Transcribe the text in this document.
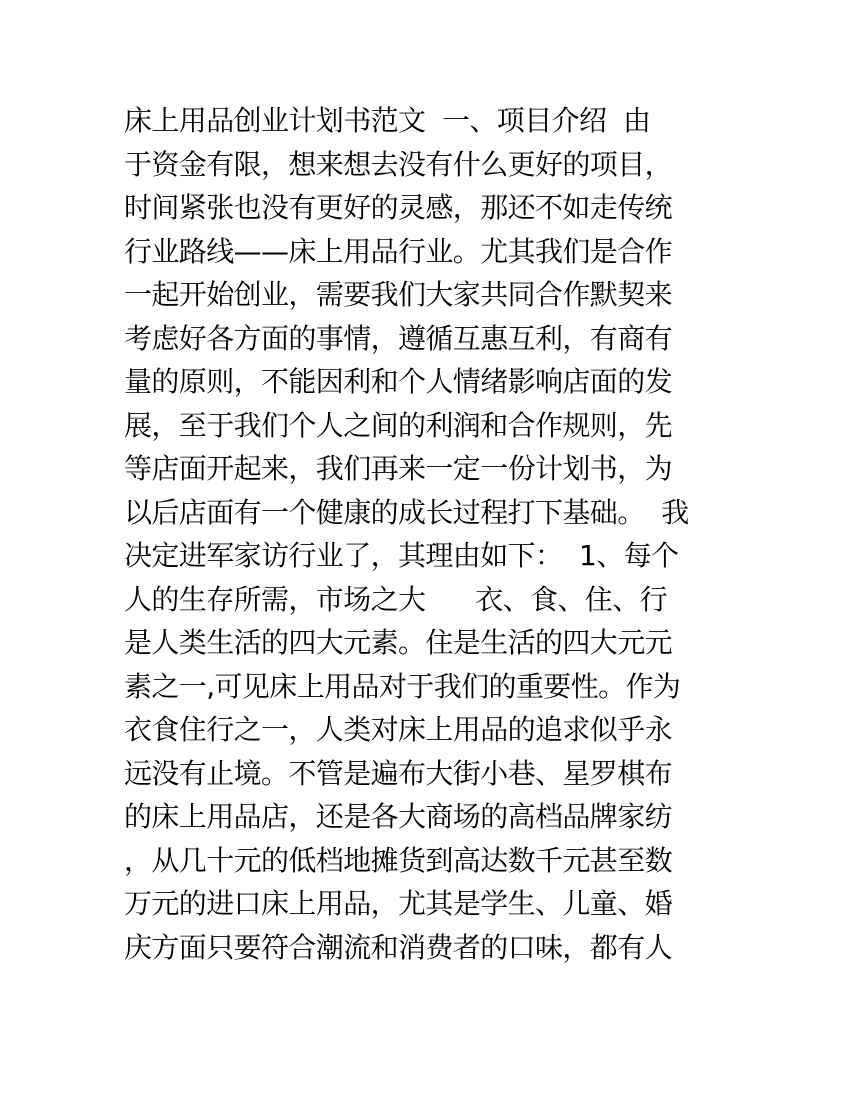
床上用品创业计划书范文  一、项目介绍  由
于资金有限，想来想去没有什么更好的项目，
时间紧张也没有更好的灵感，那还不如走传统
行业路线——床上用品行业。尤其我们是合作
一起开始创业，需要我们大家共同合作默契来
考虑好各方面的事情，遵循互惠互利，有商有
量的原则，不能因利和个人情绪影响店面的发
展，至于我们个人之间的利润和合作规则，先
等店面开起来，我们再来一定一份计划书，为
以后店面有一个健康的成长过程打下基础。  我
决定进军家访行业了，其理由如下：  1、每个
人的生存所需，市场之大      衣、食、住、行
是人类生活的四大元素。住是生活的四大元元
素之一,可见床上用品对于我们的重要性。作为
衣食住行之一，人类对床上用品的追求似乎永
远没有止境。不管是遍布大街小巷、星罗棋布
的床上用品店，还是各大商场的高档品牌家纺
，从几十元的低档地摊货到高达数千元甚至数
万元的进口床上用品，尤其是学生、儿童、婚
庆方面只要符合潮流和消费者的口味，都有人
